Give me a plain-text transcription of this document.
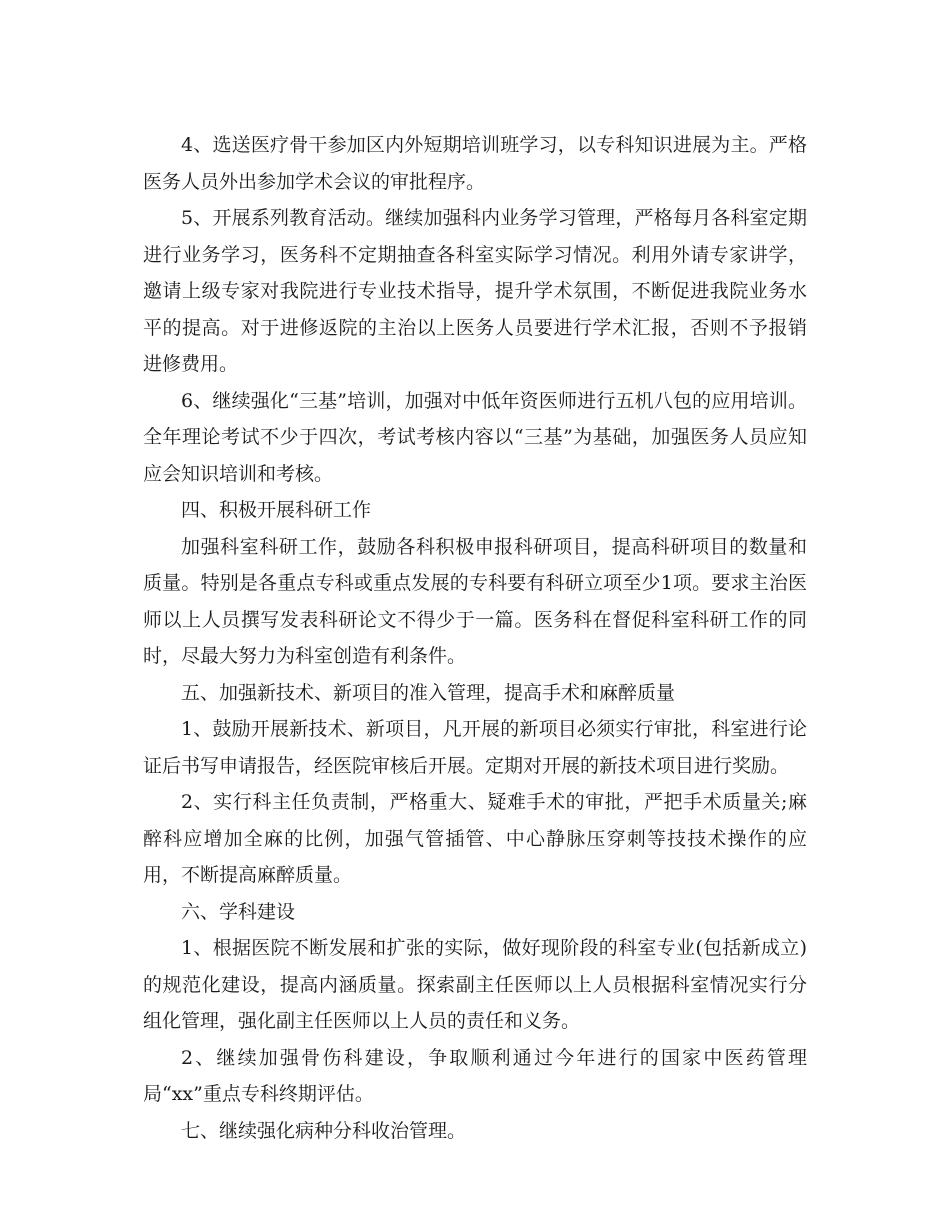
4、选送医疗骨干参加区内外短期培训班学习，以专科知识进展为主。严格医务人员外出参加学术会议的审批程序。

5、开展系列教育活动。继续加强科内业务学习管理，严格每月各科室定期进行业务学习，医务科不定期抽查各科室实际学习情况。利用外请专家讲学，邀请上级专家对我院进行专业技术指导，提升学术氛围，不断促进我院业务水平的提高。对于进修返院的主治以上医务人员要进行学术汇报，否则不予报销进修费用。

6、继续强化“三基”培训，加强对中低年资医师进行五机八包的应用培训。全年理论考试不少于四次，考试考核内容以“三基”为基础，加强医务人员应知应会知识培训和考核。

四、积极开展科研工作

加强科室科研工作，鼓励各科积极申报科研项目，提高科研项目的数量和质量。特别是各重点专科或重点发展的专科要有科研立项至少1项。要求主治医师以上人员撰写发表科研论文不得少于一篇。医务科在督促科室科研工作的同时，尽最大努力为科室创造有利条件。

五、加强新技术、新项目的准入管理，提高手术和麻醉质量

1、鼓励开展新技术、新项目，凡开展的新项目必须实行审批，科室进行论证后书写申请报告，经医院审核后开展。定期对开展的新技术项目进行奖励。

2、实行科主任负责制，严格重大、疑难手术的审批，严把手术质量关;麻醉科应增加全麻的比例，加强气管插管、中心静脉压穿刺等技技术操作的应用，不断提高麻醉质量。

六、学科建设

1、根据医院不断发展和扩张的实际，做好现阶段的科室专业(包括新成立)的规范化建设，提高内涵质量。探索副主任医师以上人员根据科室情况实行分组化管理，强化副主任医师以上人员的责任和义务。

2、继续加强骨伤科建设，争取顺利通过今年进行的国家中医药管理局“xx”重点专科终期评估。

七、继续强化病种分科收治管理。
